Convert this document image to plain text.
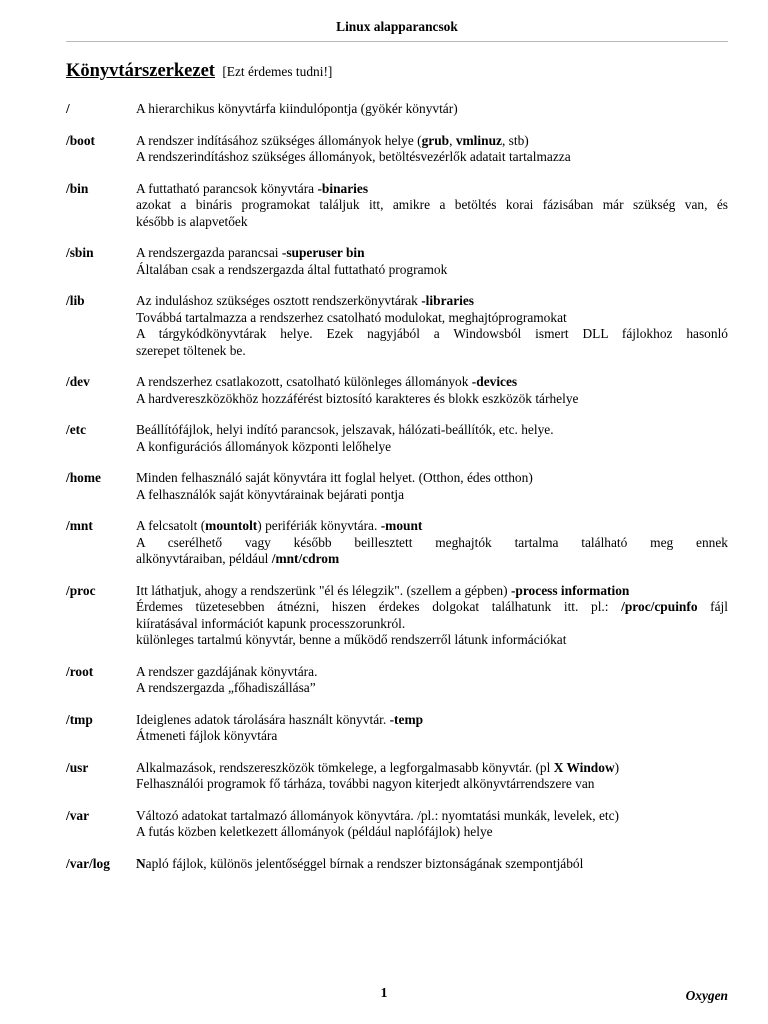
Linux alapparancsok
Könyvtárszerkezet [Ezt érdemes tudni!]
/	A hierarchikus könyvtárfa kiindulópontja (gyökér könyvtár)
/boot	A rendszer indításához szükséges állományok helye (grub, vmlinuz, stb)
A rendszerindításhoz szükséges állományok, betöltésvezérlők adatait tartalmazza
/bin	A futtatható parancsok könyvtára -binaries
azokat a bináris programokat találjuk itt, amikre a betöltés korai fázisában már szükség van, és
később is alapvetőek
/sbin	A rendszergazda parancsai -superuser bin
Általában csak a rendszergazda által futtatható programok
/lib	Az induláshoz szükséges osztott rendszerkönyvtárak -libraries
Továbbá tartalmazza a rendszerhez csatolható modulokat, meghajtóprogramokat
A tárgykódkönyvtárak helye. Ezek nagyjából a Windowsból ismert DLL fájlokhoz hasonló
szerepet töltenek be.
/dev	A rendszerhez csatlakozott, csatolható különleges állományok -devices
A hardvereszközökhöz hozzáférést biztosító karakteres és blokk eszközök tárhelye
/etc	Beállítófájlok, helyi indító parancsok, jelszavak, hálózati-beállítók, etc. helye.
A konfigurációs állományok központi lelőhelye
/home	Minden felhasználó saját könyvtára itt foglal helyet. (Otthon, édes otthon)
A felhasználók saját könyvtárainak bejárati pontja
/mnt	A felcsatolt (mountolt) perifériák könyvtára. -mount
A cserélhető vagy később beillesztett meghajtók tartalma található meg ennek
alkönyvtáraiban, például /mnt/cdrom
/proc	Itt láthatjuk, ahogy a rendszerünk "él és lélegzik". (szellem a gépben) -process information
Érdemes tüzetesebben átnézni, hiszen érdekes dolgokat találhatunk itt. pl.: /proc/cpuinfo fájl
kiíratásával információt kapunk processzorunkról.
különleges tartalmú könyvtár, benne a működő rendszerről látunk információkat
/root	A rendszer gazdájának könyvtára.
A rendszergazda „főhadiszállása”
/tmp	Ideiglenes adatok tárolására használt könyvtár. -temp
Átmeneti fájlok könyvtára
/usr	Alkalmazások, rendszereszközök tömkelege, a legforgalmasabb könyvtár. (pl X Window)
Felhasználói programok fő tárháza, további nagyon kiterjedt alkönyvtárrendszere van
/var	Változó adatokat tartalmazó állományok könyvtára. /pl.: nyomtatási munkák, levelek, etc)
A futás közben keletkezett állományok (például naplófájlok) helye
/var/log	Napló fájlok, különös jelentőséggel bírnak a rendszer biztonságának szempontjából
1	Oxygen
